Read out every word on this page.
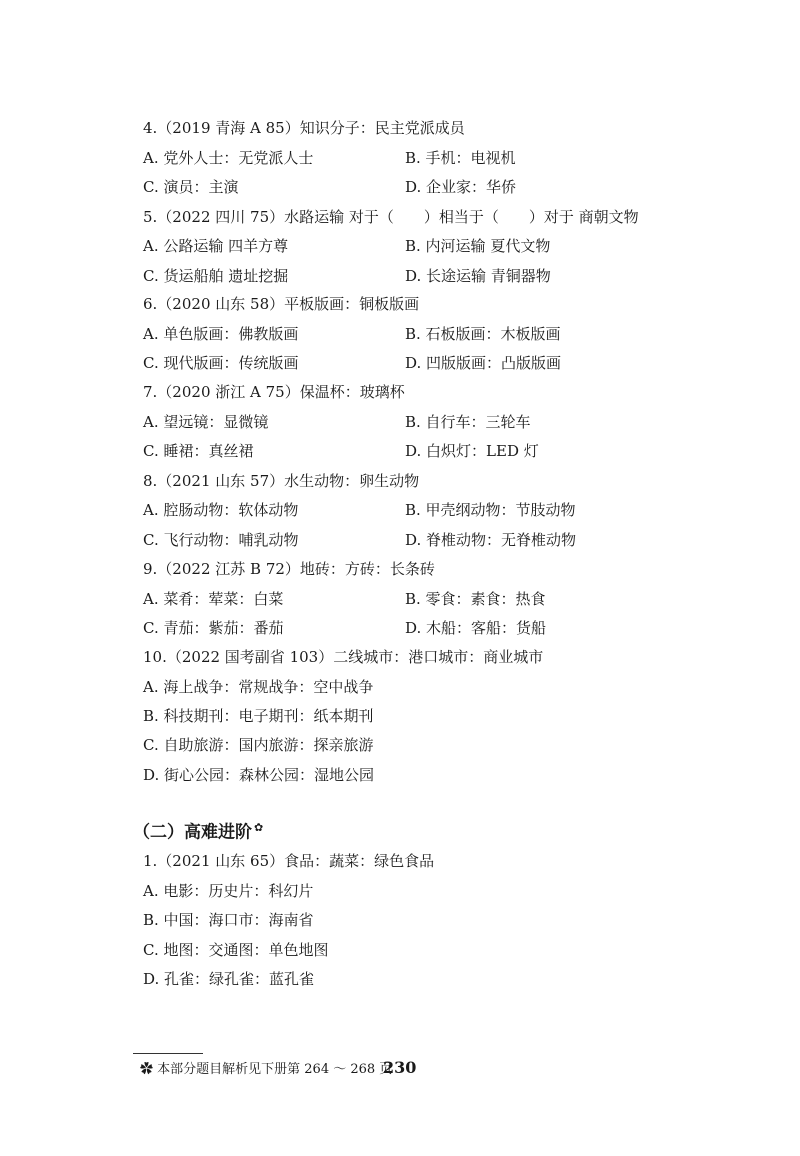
4.（2019 青海 A 85）知识分子：民主党派成员
A. 党外人士：无党派人士	B. 手机：电视机
C. 演员：主演	D. 企业家：华侨
5.（2022 四川 75）水路运输 对于（ ）相当于（ ）对于 商朝文物
A. 公路运输 四羊方尊	B. 内河运输 夏代文物
C. 货运船舶 遗址挖掘	D. 长途运输 青铜器物
6.（2020 山东 58）平板版画：铜板版画
A. 单色版画：佛教版画	B. 石板版画：木板版画
C. 现代版画：传统版画	D. 凹版版画：凸版版画
7.（2020 浙江 A 75）保温杯：玻璃杯
A. 望远镜：显微镜	B. 自行车：三轮车
C. 睡裙：真丝裙	D. 白炽灯：LED 灯
8.（2021 山东 57）水生动物：卵生动物
A. 腔肠动物：软体动物	B. 甲壳纲动物：节肢动物
C. 飞行动物：哺乳动物	D. 脊椎动物：无脊椎动物
9.（2022 江苏 B 72）地砖：方砖：长条砖
A. 菜肴：荤菜：白菜	B. 零食：素食：热食
C. 青茄：紫茄：番茄	D. 木船：客船：货船
10.（2022 国考副省 103）二线城市：港口城市：商业城市
A. 海上战争：常规战争：空中战争
B. 科技期刊：电子期刊：纸本期刊
C. 自助旅游：国内旅游：探亲旅游
D. 街心公园：森林公园：湿地公园
（二）高难进阶 ✿
1.（2021 山东 65）食品：蔬菜：绿色食品
A. 电影：历史片：科幻片
B. 中国：海口市：海南省
C. 地图：交通图：单色地图
D. 孔雀：绿孔雀：蓝孔雀
✿ 本部分题目解析见下册第 264 ～ 268 页
230
